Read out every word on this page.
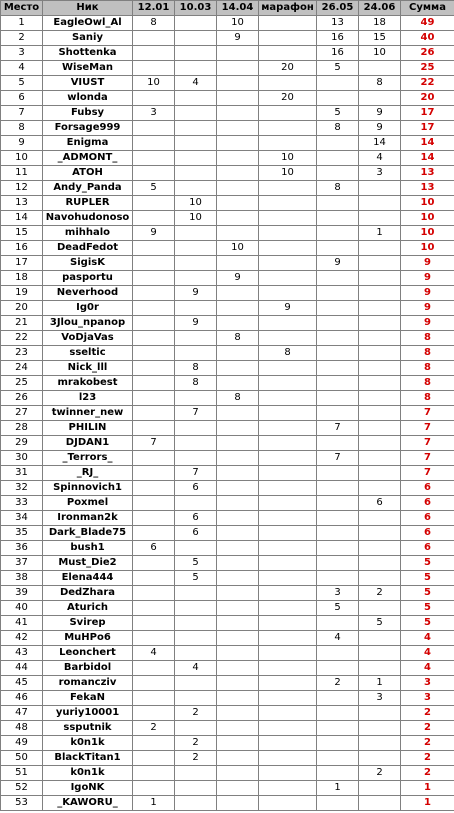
Место	Ник	12.01	10.03	14.04	марафон	26.05	24.06	Сумма
1	EagleOwl_Al	8		10		13	18	49
2	Saniy			9		16	15	40
3	Shottenka					16	10	26
4	WiseMan				20	5		25
5	VIUST	10	4				8	22
6	wlonda				20			20
7	Fubsy	3				5	9	17
8	Forsage999					8	9	17
9	Enigma						14	14
10	_ADMONT_				10		4	14
11	ATOH				10		3	13
12	Andy_Panda	5				8		13
13	RUPLER		10					10
14	Navohudonoso		10					10
15	mihhalo	9					1	10
16	DeadFedot			10				10
17	SigisK					9		9
18	pasportu			9				9
19	Neverhood		9					9
20	Ig0r				9			9
21	3Jlou_npanop		9					9
22	VoDjaVas			8				8
23	sseltic				8			8
24	Nick_lll		8					8
25	mrakobest		8					8
26	l23			8				8
27	twinner_new		7					7
28	PHILIN					7		7
29	DJDAN1	7						7
30	_Terrors_					7		7
31	_RJ_		7					7
32	Spinnovich1		6					6
33	Poxmel						6	6
34	Ironman2k		6					6
35	Dark_Blade75		6					6
36	bush1	6						6
37	Must_Die2		5					5
38	Elena444		5					5
39	DedZhara					3	2	5
40	Aturich					5		5
41	Svirep						5	5
42	MuHPo6					4		4
43	Leonchert	4						4
44	Barbidol		4					4
45	romancziv					2	1	3
46	FekaN						3	3
47	yuriy10001		2					2
48	ssputnik	2						2
49	k0n1k		2					2
50	BlackTitan1		2					2
51	k0n1k						2	2
52	IgoNK					1		1
53	_KAWORU_	1						1
